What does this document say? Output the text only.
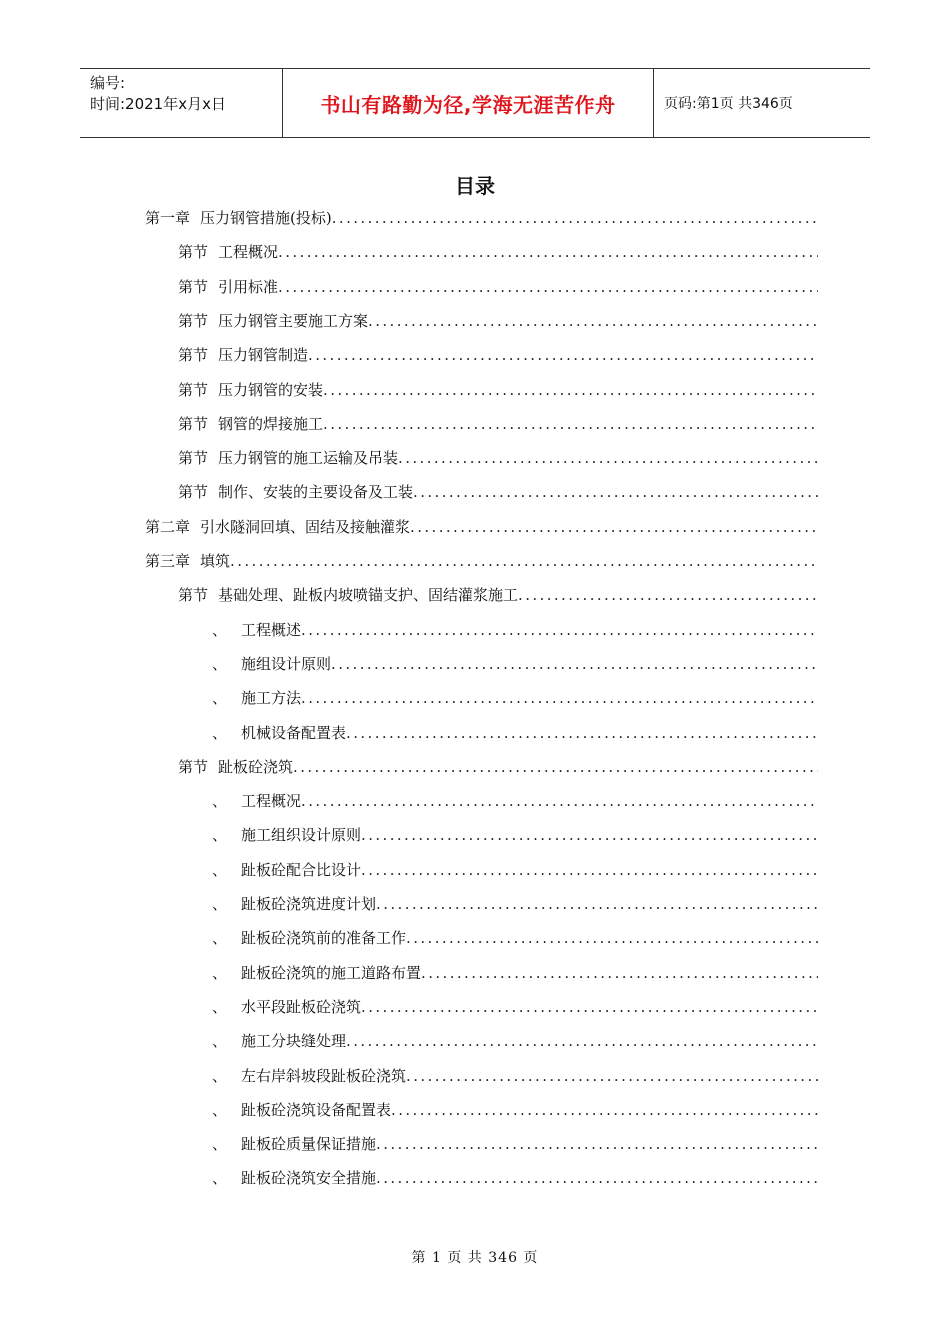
编号:
时间:2021年x月x日	书山有路勤为径,学海无涯苦作舟	页码:第1页 共346页
目录
第一章 压力钢管措施(投标)
.....
第节 工程概况
.....
第节 引用标准
.....
第节 压力钢管主要施工方案
.....
第节 压力钢管制造
.....
第节 压力钢管的安装
.....
第节 钢管的焊接施工
.....
第节 压力钢管的施工运输及吊装
.....
第节 制作、安装的主要设备及工装
.....
第二章 引水隧洞回填、固结及接触灌浆
.....
第三章 填筑
.....
第节 基础处理、趾板内坡喷锚支护、固结灌浆施工
.....
、 工程概述
.....
、 施组设计原则
.....
、 施工方法
.....
、 机械设备配置表
.....
第节 趾板砼浇筑
.....
、 工程概况
.....
、 施工组织设计原则
.....
、 趾板砼配合比设计
.....
、 趾板砼浇筑进度计划
.....
、 趾板砼浇筑前的准备工作
.....
、 趾板砼浇筑的施工道路布置
.....
、 水平段趾板砼浇筑
.....
、 施工分块缝处理
.....
、 左右岸斜坡段趾板砼浇筑
.....
、 趾板砼浇筑设备配置表
.....
、 趾板砼质量保证措施
.....
、 趾板砼浇筑安全措施
.....
第 1 页 共 346 页
